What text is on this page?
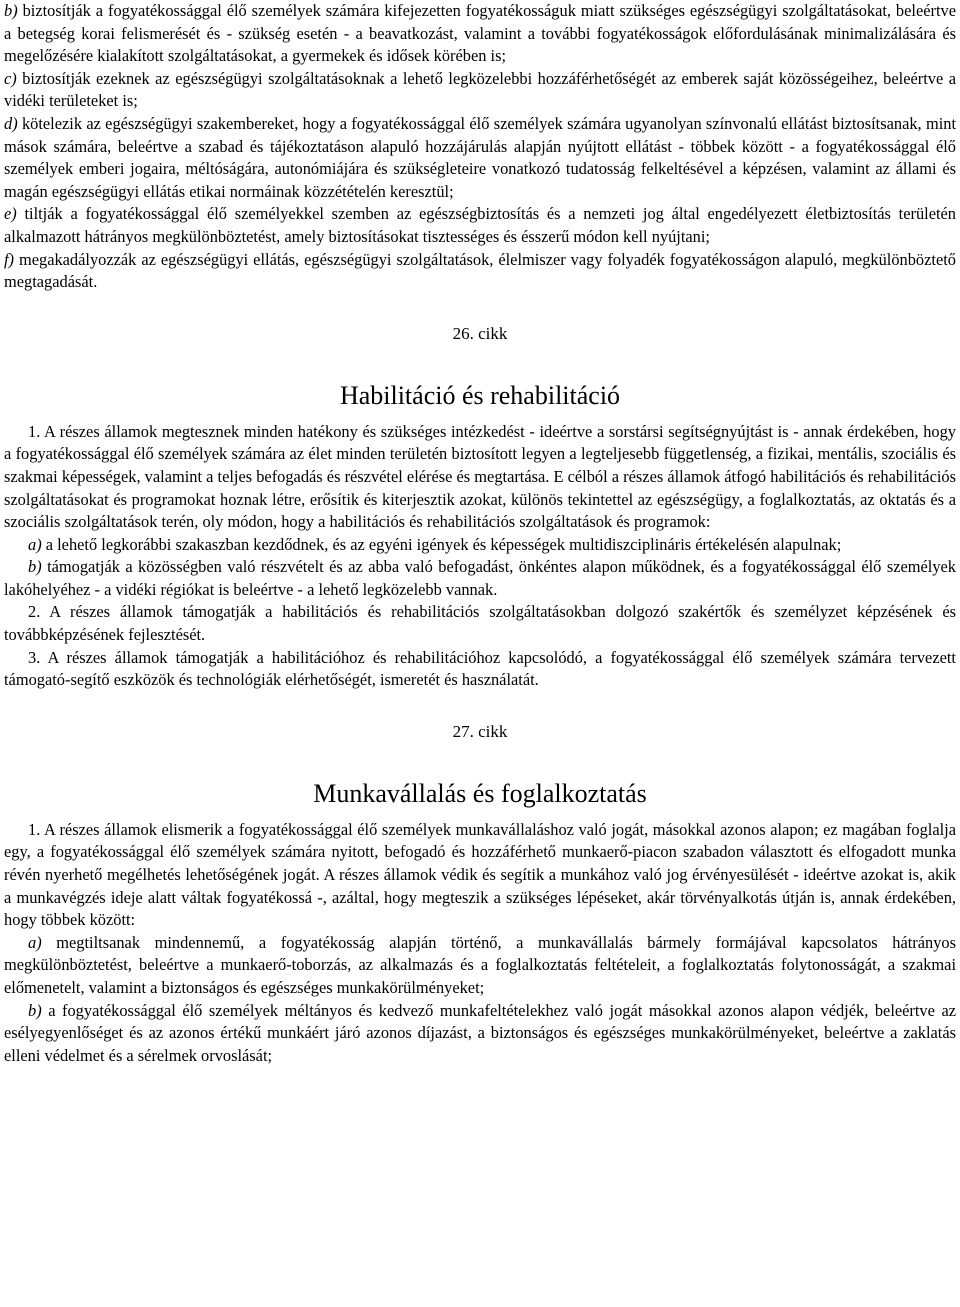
b) biztosítják a fogyatékossággal élő személyek számára kifejezetten fogyatékosságuk miatt szükséges egészségügyi szolgáltatásokat, beleértve a betegség korai felismerését és - szükség esetén - a beavatkozást, valamint a további fogyatékosságok előfordulásának minimalizálására és megelőzésére kialakított szolgáltatásokat, a gyermekek és idősek körében is;

c) biztosítják ezeknek az egészségügyi szolgáltatásoknak a lehető legközelebbi hozzáférhetőségét az emberek saját közösségeihez, beleértve a vidéki területeket is;

d) kötelezik az egészségügyi szakembereket, hogy a fogyatékossággal élő személyek számára ugyanolyan színvonalú ellátást biztosítsanak, mint mások számára, beleértve a szabad és tájékoztatáson alapuló hozzájárulás alapján nyújtott ellátást - többek között - a fogyatékossággal élő személyek emberi jogaira, méltóságára, autonómiájára és szükségleteire vonatkozó tudatosság felkeltésével a képzésen, valamint az állami és magán egészségügyi ellátás etikai normáinak közzétételén keresztül;

e) tiltják a fogyatékossággal élő személyekkel szemben az egészségbiztosítás és a nemzeti jog által engedélyezett életbiztosítás területén alkalmazott hátrányos megkülönböztetést, amely biztosításokat tisztességes és ésszerű módon kell nyújtani;

f) megakadályozzák az egészségügyi ellátás, egészségügyi szolgáltatások, élelmiszer vagy folyadék fogyatékosságon alapuló, megkülönböztető megtagadását.

26. cikk
Habilitáció és rehabilitáció

1. A részes államok megtesznek minden hatékony és szükséges intézkedést - ideértve a sorstársi segítségnyújtást is - annak érdekében, hogy a fogyatékossággal élő személyek számára az élet minden területén biztosított legyen a legteljesebb függetlenség, a fizikai, mentális, szociális és szakmai képességek, valamint a teljes befogadás és részvétel elérése és megtartása. E célból a részes államok átfogó habilitációs és rehabilitációs szolgáltatásokat és programokat hoznak létre, erősítik és kiterjesztik azokat, különös tekintettel az egészségügy, a foglalkoztatás, az oktatás és a szociális szolgáltatások terén, oly módon, hogy a habilitációs és rehabilitációs szolgáltatások és programok:

a) a lehető legkorábbi szakaszban kezdődnek, és az egyéni igények és képességek multidiszciplináris értékelésén alapulnak;

b) támogatják a közösségben való részvételt és az abba való befogadást, önkéntes alapon működnek, és a fogyatékossággal élő személyek lakóhelyéhez - a vidéki régiókat is beleértve - a lehető legközelebb vannak.

2. A részes államok támogatják a habilitációs és rehabilitációs szolgáltatásokban dolgozó szakértők és személyzet képzésének és továbbképzésének fejlesztését.

3. A részes államok támogatják a habilitációhoz és rehabilitációhoz kapcsolódó, a fogyatékossággal élő személyek számára tervezett támogató-segítő eszközök és technológiák elérhetőségét, ismeretét és használatát.

27. cikk
Munkavállalás és foglalkoztatás

1. A részes államok elismerik a fogyatékossággal élő személyek munkavállaláshoz való jogát, másokkal azonos alapon; ez magában foglalja egy, a fogyatékossággal élő személyek számára nyitott, befogadó és hozzáférhető munkaerő-piacon szabadon választott és elfogadott munka révén nyerhető megélhetés lehetőségének jogát. A részes államok védik és segítik a munkához való jog érvényesülését - ideértve azokat is, akik a munkavégzés ideje alatt váltak fogyatékossá -, azáltal, hogy megteszik a szükséges lépéseket, akár törvényalkotás útján is, annak érdekében, hogy többek között:

a) megtiltsanak mindennemű, a fogyatékosság alapján történő, a munkavállalás bármely formájával kapcsolatos hátrányos megkülönböztetést, beleértve a munkaerő-toborzás, az alkalmazás és a foglalkoztatás feltételeit, a foglalkoztatás folytonosságát, a szakmai előmenetelt, valamint a biztonságos és egészséges munkakörülményeket;

b) a fogyatékossággal élő személyek méltányos és kedvező munkafeltételekhez való jogát másokkal azonos alapon védjék, beleértve az esélyegyenlőséget és az azonos értékű munkáért járó azonos díjazást, a biztonságos és egészséges munkakörülményeket, beleértve a zaklatás elleni védelmet és a sérelmek orvoslását;
